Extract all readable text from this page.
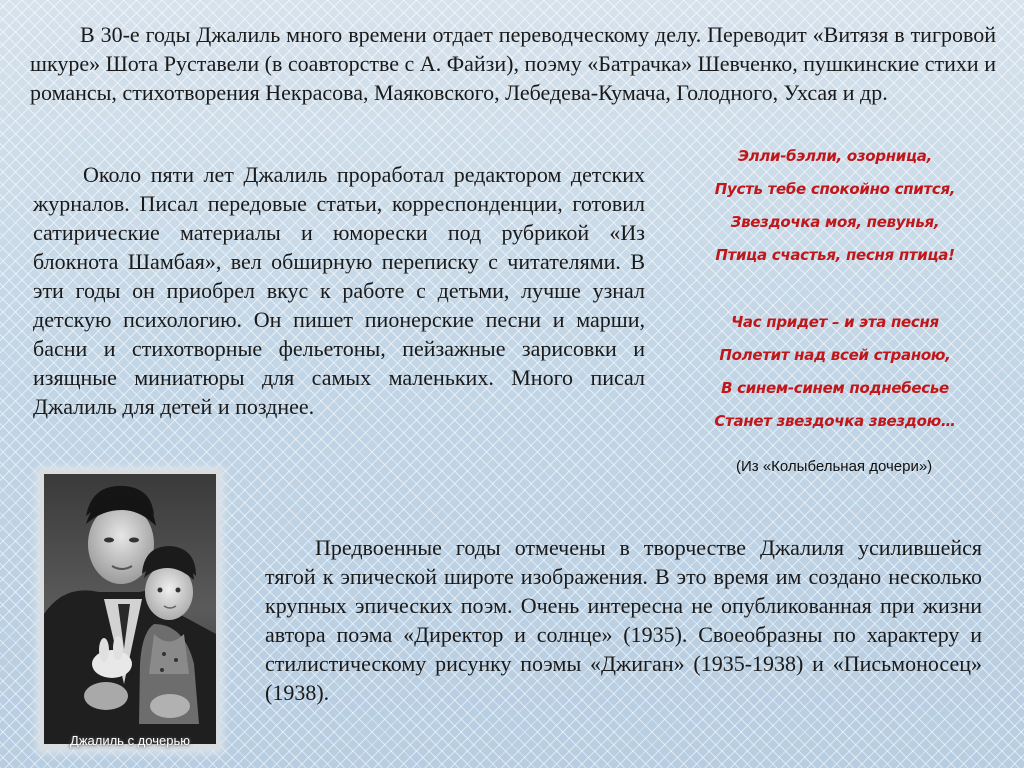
В 30-е годы Джалиль много времени отдает переводческому делу. Переводит «Витязя в тигровой шкуре» Шота Руставели (в соавторстве с А. Файзи), поэму «Батрачка» Шевченко, пушкинские стихи и романсы, стихотворения Некрасова, Маяковского, Лебедева-Кумача, Голодного, Ухсая и др.
Около пяти лет Джалиль проработал редактором детских журналов. Писал передовые статьи, корреспонденции, готовил сатирические материалы и юморески под рубрикой «Из блокнота Шамбая», вел обширную переписку с читателями. В эти годы он приобрел вкус к работе с детьми, лучше узнал детскую психологию. Он пишет пионерские песни и марши, басни и стихотворные фельетоны, пейзажные зарисовки и изящные миниатюры для самых маленьких. Много писал Джалиль для детей и позднее.
Элли-бэлли, озорница,
Пусть тебе спокойно спится,
Звездочка моя, певунья,
Птица счастья, песня птица!
Час придет – и эта песня
Полетит над всей страною,
В синем-синем поднебесье
Станет звездочка звездою…
(Из «Колыбельная дочери»)
Джалиль с дочерью
Предвоенные годы отмечены в творчестве Джалиля усилившейся тягой к эпической широте изображения. В это время им создано несколько крупных эпических поэм. Очень интересна не опубликованная при жизни автора поэма «Директор и солнце» (1935). Своеобразны по характеру и стилистическому рисунку поэмы «Джиган» (1935-1938) и «Письмоносец» (1938).
